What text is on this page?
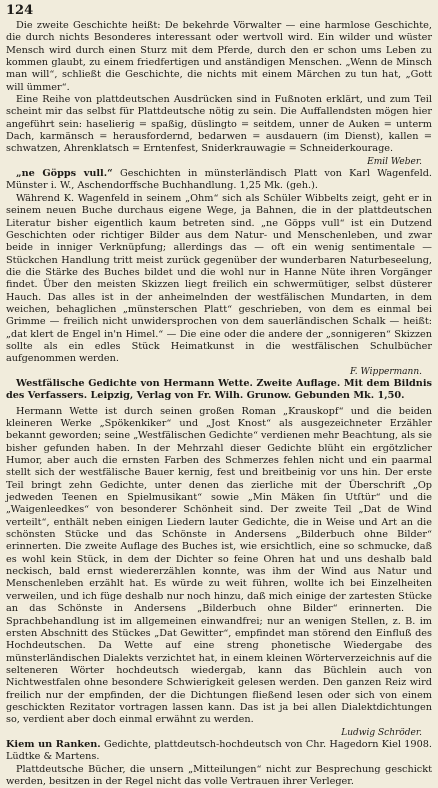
124

Die zweite Geschichte heißt: De bekehrde Vörwalter — eine harmlose Geschichte, die durch nichts Besonderes interessant oder wertvoll wird. Ein wilder und wüster Mensch wird durch einen Sturz mit dem Pferde, durch den er schon ums Leben zu kommen glaubt, zu einem friedfertigen und anständigen Menschen. „Wenn de Minsch man will“, schließt die Geschichte, die nichts mit einem Märchen zu tun hat, „Gott will ümmer“.

Eine Reihe von plattdeutschen Ausdrücken sind in Fußnoten erklärt, und zum Teil scheint mir das selbst für Plattdeutsche nötig zu sein. Die Auffallendsten mögen hier angeführt sein: haselierig = spaßig, düslingto = seitdem, unner de Auken = unterm Dach, karmänsch = herausfordernd, bedarwen = ausdauern (im Dienst), kallen = schwatzen, Ahrenklatsch = Erntenfest, Sniderkrauwagie = Schneiderkourage.

Emil Weber.

„ne Göpps vull.“ Geschichten in münsterländisch Platt von Karl Wagenfeld. Münster i. W., Aschendorffsche Buchhandlung. 1,25 Mk. (geh.).

Während K. Wagenfeld in seinem „Ohm“ sich als Schüler Wibbelts zeigt, geht er in seinem neuen Buche durchaus eigene Wege, ja Bahnen, die in der plattdeutschen Literatur bisher eigentlich kaum betreten sind. „ne Göpps vull“ ist ein Dutzend Geschichten oder richtiger Bilder aus dem Natur- und Menschenleben, und zwar beide in inniger Verknüpfung; allerdings das — oft ein wenig sentimentale — Stückchen Handlung tritt meist zurück gegenüber der wunderbaren Naturbeseelung, die die Stärke des Buches bildet und die wohl nur in Hanne Nüte ihren Vorgänger findet. Über den meisten Skizzen liegt freilich ein schwermütiger, selbst düsterer Hauch. Das alles ist in der anheimelnden der westfälischen Mundarten, in dem weichen, behaglichen „münsterschen Platt“ geschrieben, von dem es einmal bei Grimme — freilich nicht unwidersprochen von dem sauerländischen Schalk — heißt: „dat klert de Engel in'n Himel.“ — Die eine oder die andere der „sonnigeren“ Skizzen sollte als ein edles Stück Heimatkunst in die westfälischen Schulbücher aufgenommen werden.

F. Wippermann.

Westfälische Gedichte von Hermann Wette. Zweite Auflage. Mit dem Bildnis des Verfassers. Leipzig, Verlag von Fr. Wilh. Grunow. Gebunden Mk. 1,50.

Hermann Wette ist durch seinen großen Roman „Krauskopf“ und die beiden kleineren Werke „Spökenkiker“ und „Jost Knost“ als ausgezeichneter Erzähler bekannt geworden; seine „Westfälischen Gedichte“ verdienen mehr Beachtung, als sie bisher gefunden haben. In der Mehrzahl dieser Gedichte blüht ein ergötzlicher Humor, aber auch die ernsten Farben des Schmerzes fehlen nicht und ein paarmal stellt sich der westfälische Bauer kernig, fest und breitbeinig vor uns hin. Der erste Teil bringt zehn Gedichte, unter denen das zierliche mit der Überschrift „Op jedweden Teenen en Spielmusikant“ sowie „Min Mäken ſin Utſtür“ und die „Waigenleedkes“ von besonderer Schönheit sind. Der zweite Teil „Dat de Wind verteilt“, enthält neben einigen Liedern lauter Gedichte, die in Weise und Art an die schönsten Stücke und das Schönste in Andersens „Bilderbuch ohne Bilder“ erinnerten. Die zweite Auflage des Buches ist, wie ersichtlich, eine so schmucke, daß es wohl kein Stück, in dem der Dichter so feine Ohren hat und uns deshalb bald neckisch, bald ernst wiedererzählen konnte, was ihm der Wind aus Natur und Menschenleben erzählt hat. Es würde zu weit führen, wollte ich bei Einzelheiten verweilen, und ich füge deshalb nur noch hinzu, daß mich einige der zartesten Stücke an das Schönste in Andersens „Bilderbuch ohne Bilder“ erinnerten. Die Sprachbehandlung ist im allgemeinen einwandfrei; nur an wenigen Stellen, z. B. im ersten Abschnitt des Stückes „Dat Gewitter“, empfindet man störend den Einfluß des Hochdeutschen. Da Wette auf eine streng phonetische Wiedergabe des münsterländischen Dialekts verzichtet hat, in einem kleinen Wörterverzeichnis auf die selteneren Wörter hochdeutsch wiedergab, kann das Büchlein auch von Nichtwestfalen ohne besondere Schwierigkeit gelesen werden. Den ganzen Reiz wird freilich nur der empfinden, der die Dichtungen fließend lesen oder sich von einem geschickten Rezitator vortragen lassen kann. Das ist ja bei allen Dialektdichtungen so, verdient aber doch einmal erwähnt zu werden.

Ludwig Schröder.

Kiem un Ranken. Gedichte, plattdeutsch-hochdeutsch von Chr. Hagedorn Kiel 1908. Lüdtke & Martens.

Plattdeutsche Bücher, die unsern „Mitteilungen“ nicht zur Besprechung geschickt werden, besitzen in der Regel nicht das volle Vertrauen ihrer Verleger.
